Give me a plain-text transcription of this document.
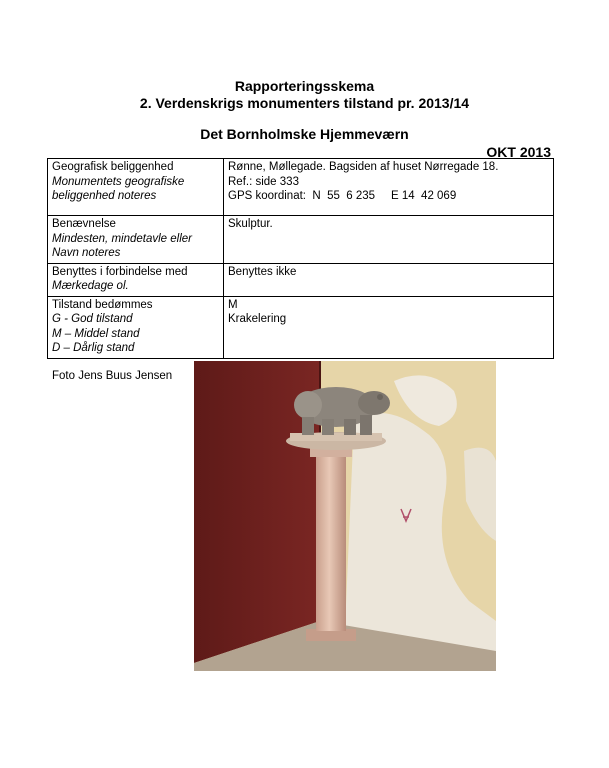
Rapporteringsskema
2. Verdenskrigs monumenters tilstand pr. 2013/14
Det Bornholmske Hjemmeværn
OKT 2013
Geografisk beliggenhed
Monumentets geografiske
beliggenhed noteres	Rønne, Møllegade. Bagsiden af huset Nørregade 18.
Ref.: side 333
GPS koordinat:  N  55  6 235     E 14  42 069

Benævnelse
Mindesten, mindetavle eller
Navn noteres	Skulptur.

Benyttes i forbindelse med
Mærkedage ol.	Benyttes ikke

Tilstand bedømmes
G - God tilstand
M – Middel stand
D – Dårlig stand	M
Krakelering
Foto Jens Buus Jensen
